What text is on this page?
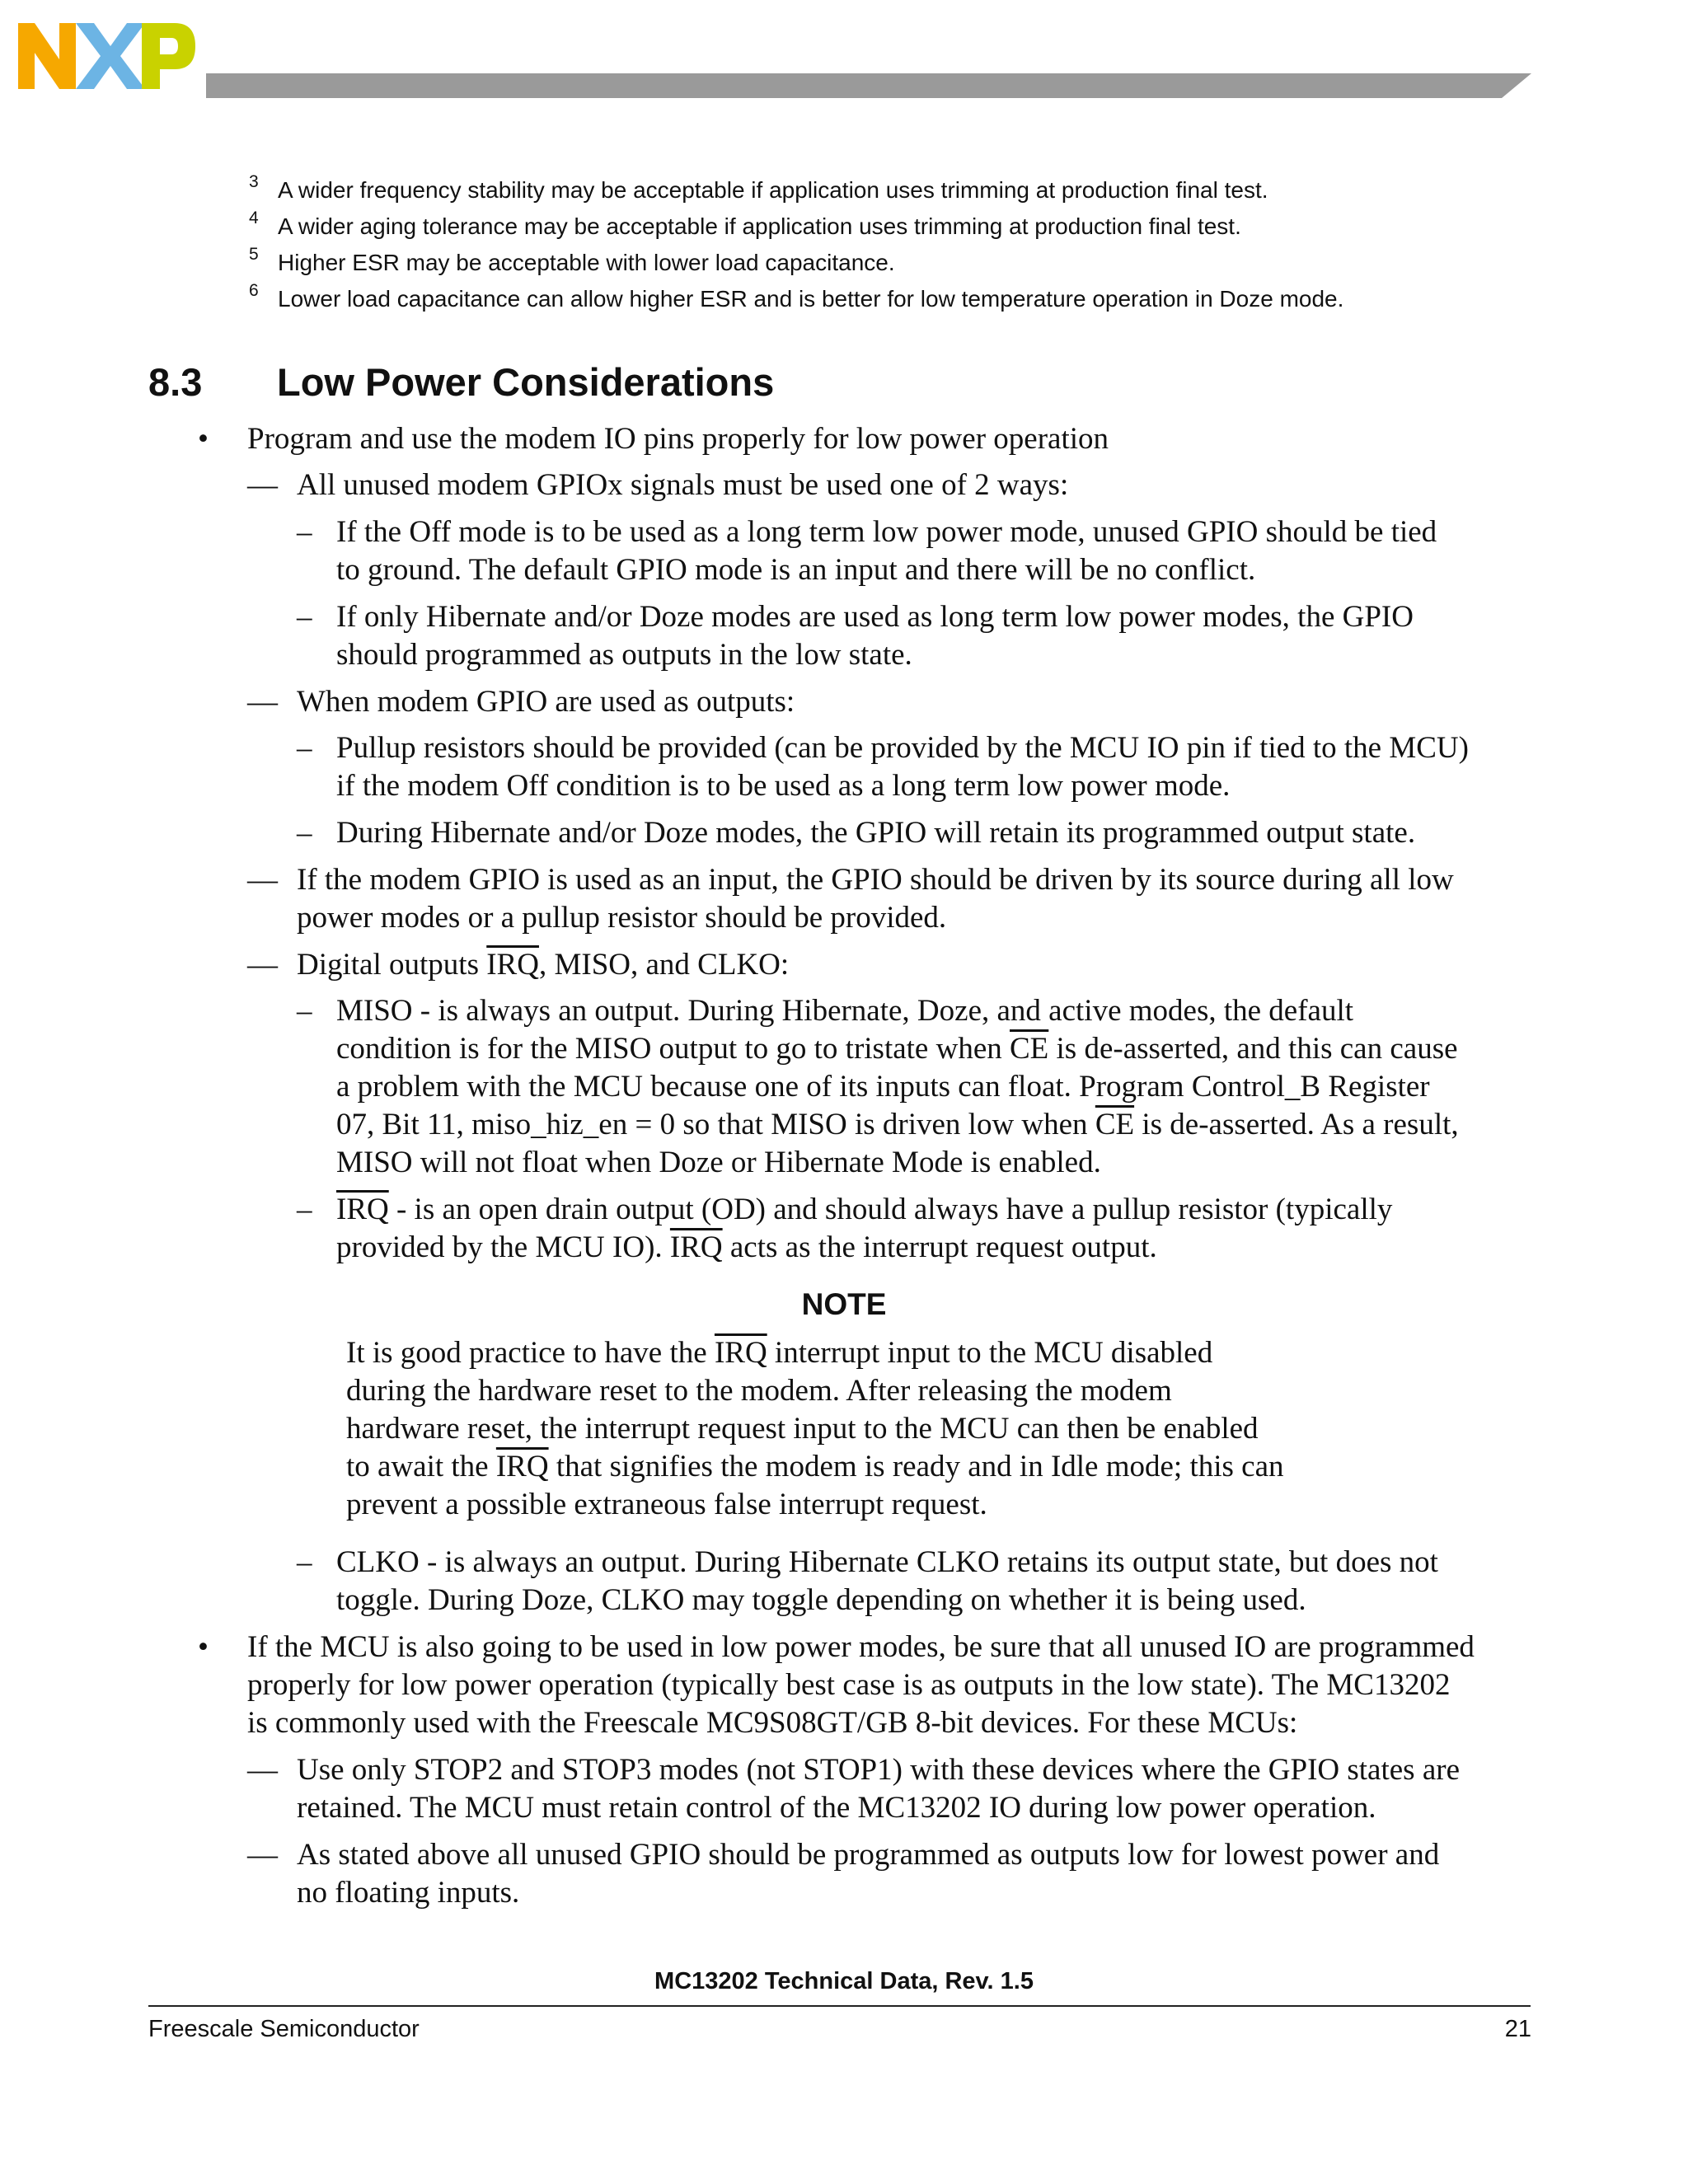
3 A wider frequency stability may be acceptable if application uses trimming at production final test.
4 A wider aging tolerance may be acceptable if application uses trimming at production final test.
5 Higher ESR may be acceptable with lower load capacitance.
6 Lower load capacitance can allow higher ESR and is better for low temperature operation in Doze mode.
8.3 Low Power Considerations
• Program and use the modem IO pins properly for low power operation
— All unused modem GPIOx signals must be used one of 2 ways:
– If the Off mode is to be used as a long term low power mode, unused GPIO should be tied
to ground. The default GPIO mode is an input and there will be no conflict.
– If only Hibernate and/or Doze modes are used as long term low power modes, the GPIO
should programmed as outputs in the low state.
— When modem GPIO are used as outputs:
– Pullup resistors should be provided (can be provided by the MCU IO pin if tied to the MCU)
if the modem Off condition is to be used as a long term low power mode.
– During Hibernate and/or Doze modes, the GPIO will retain its programmed output state.
— If the modem GPIO is used as an input, the GPIO should be driven by its source during all low
power modes or a pullup resistor should be provided.
— Digital outputs $\overline{IRQ}$, MISO, and CLKO:
– MISO - is always an output. During Hibernate, Doze, and active modes, the default
condition is for the MISO output to go to tristate when $\overline{CE}$ is de-asserted, and this can cause
a problem with the MCU because one of its inputs can float. Program Control_B Register
07, Bit 11, miso_hiz_en = 0 so that MISO is driven low when $\overline{CE}$ is de-asserted. As a result,
MISO will not float when Doze or Hibernate Mode is enabled.
– $\overline{IRQ}$ - is an open drain output (OD) and should always have a pullup resistor (typically
provided by the MCU IO). $\overline{IRQ}$ acts as the interrupt request output.
NOTE
It is good practice to have the $\overline{IRQ}$ interrupt input to the MCU disabled
during the hardware reset to the modem. After releasing the modem
hardware reset, the interrupt request input to the MCU can then be enabled
to await the $\overline{IRQ}$ that signifies the modem is ready and in Idle mode; this can
prevent a possible extraneous false interrupt request.
– CLKO - is always an output. During Hibernate CLKO retains its output state, but does not
toggle. During Doze, CLKO may toggle depending on whether it is being used.
• If the MCU is also going to be used in low power modes, be sure that all unused IO are programmed
properly for low power operation (typically best case is as outputs in the low state). The MC13202
is commonly used with the Freescale MC9S08GT/GB 8-bit devices. For these MCUs:
— Use only STOP2 and STOP3 modes (not STOP1) with these devices where the GPIO states are
retained. The MCU must retain control of the MC13202 IO during low power operation.
— As stated above all unused GPIO should be programmed as outputs low for lowest power and
no floating inputs.
MC13202 Technical Data, Rev. 1.5
Freescale Semiconductor	21
